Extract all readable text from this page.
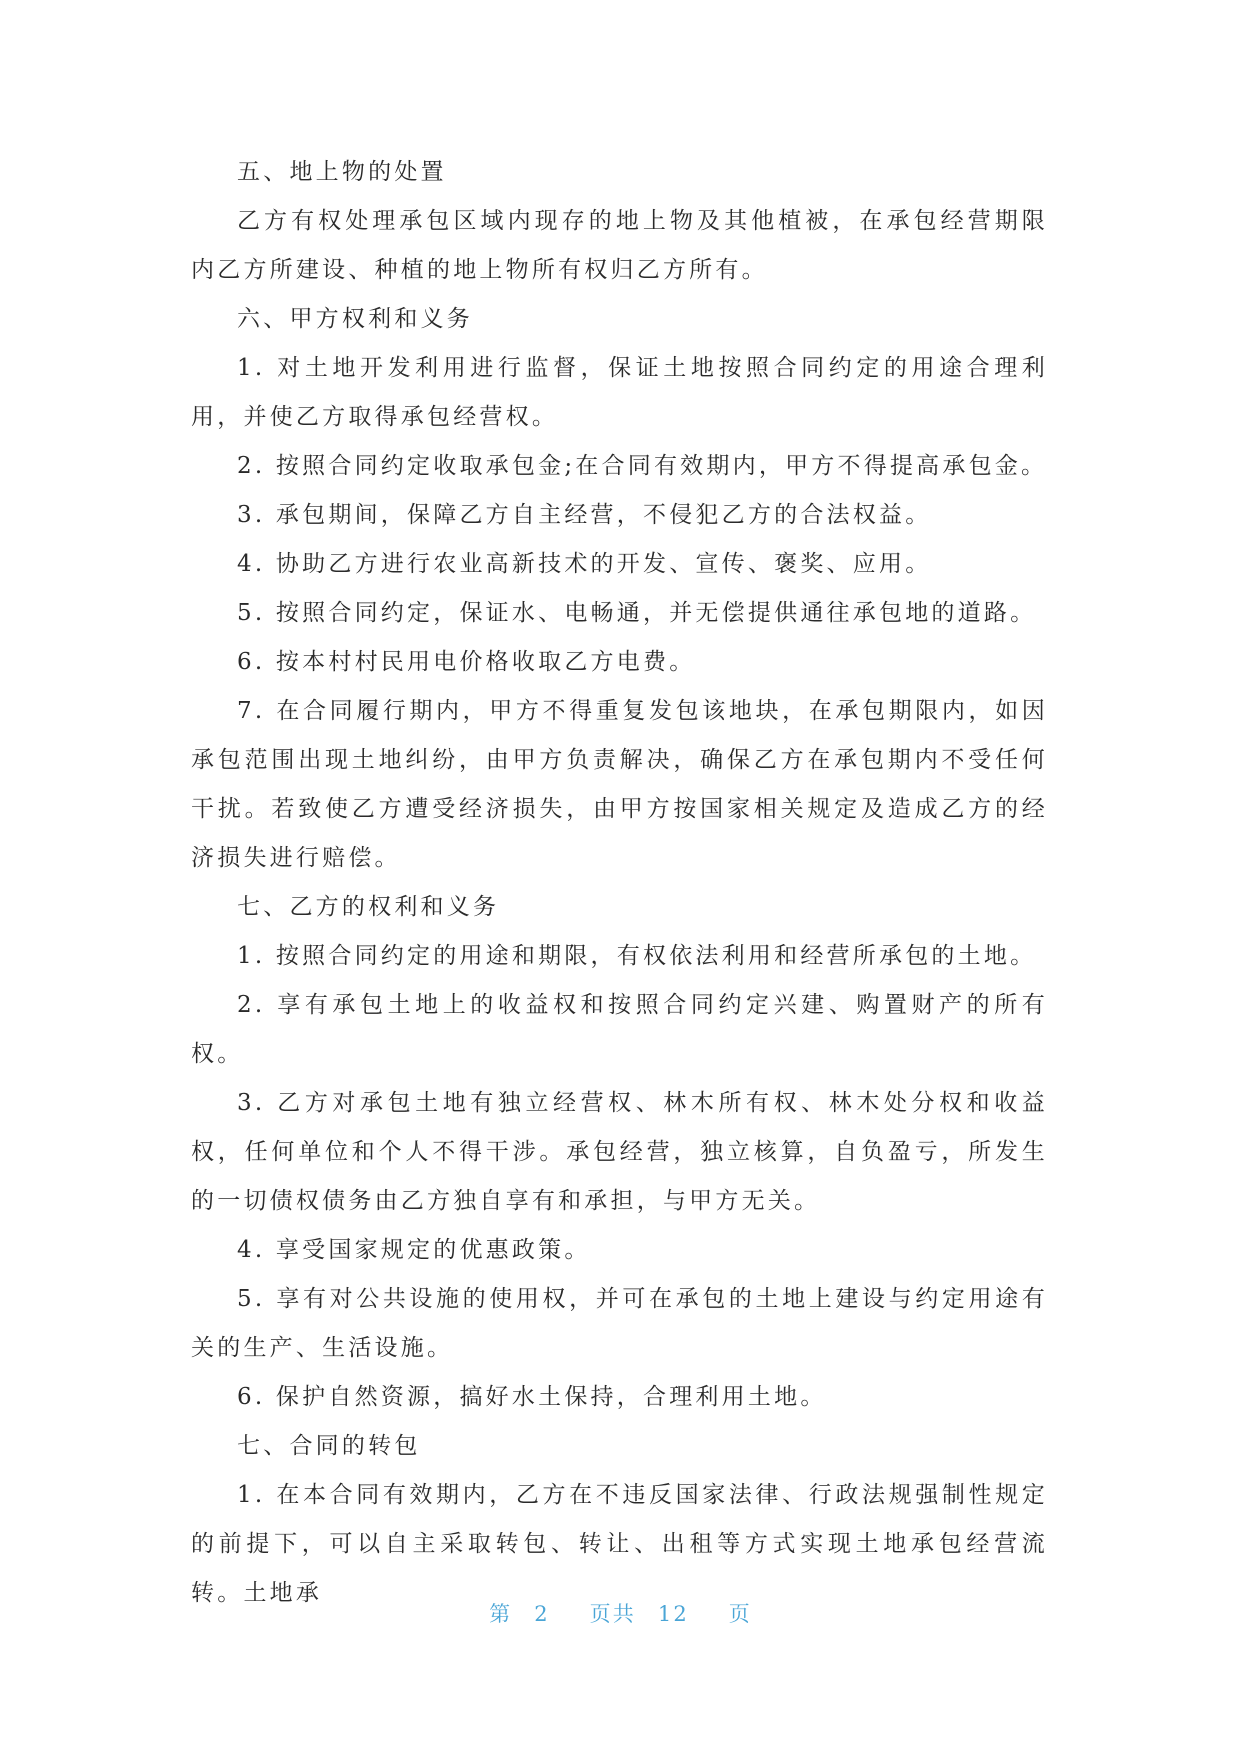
五、地上物的处置

乙方有权处理承包区域内现存的地上物及其他植被，在承包经营期限内乙方所建设、种植的地上物所有权归乙方所有。

六、甲方权利和义务

1. 对土地开发利用进行监督，保证土地按照合同约定的用途合理利用，并使乙方取得承包经营权。

2. 按照合同约定收取承包金;在合同有效期内，甲方不得提高承包金。

3. 承包期间，保障乙方自主经营，不侵犯乙方的合法权益。

4. 协助乙方进行农业高新技术的开发、宣传、褒奖、应用。

5. 按照合同约定，保证水、电畅通，并无偿提供通往承包地的道路。

6. 按本村村民用电价格收取乙方电费。

7. 在合同履行期内，甲方不得重复发包该地块，在承包期限内，如因承包范围出现土地纠纷，由甲方负责解决，确保乙方在承包期内不受任何干扰。若致使乙方遭受经济损失，由甲方按国家相关规定及造成乙方的经济损失进行赔偿。

七、乙方的权利和义务

1. 按照合同约定的用途和期限，有权依法利用和经营所承包的土地。

2. 享有承包土地上的收益权和按照合同约定兴建、购置财产的所有权。

3. 乙方对承包土地有独立经营权、林木所有权、林木处分权和收益权，任何单位和个人不得干涉。承包经营，独立核算，自负盈亏，所发生的一切债权债务由乙方独自享有和承担，与甲方无关。

4. 享受国家规定的优惠政策。

5. 享有对公共设施的使用权，并可在承包的土地上建设与约定用途有关的生产、生活设施。

6. 保护自然资源，搞好水土保持，合理利用土地。

七、合同的转包

1. 在本合同有效期内，乙方在不违反国家法律、行政法规强制性规定的前提下，可以自主采取转包、转让、出租等方式实现土地承包经营流转。土地承

第 2 页共 12 页
